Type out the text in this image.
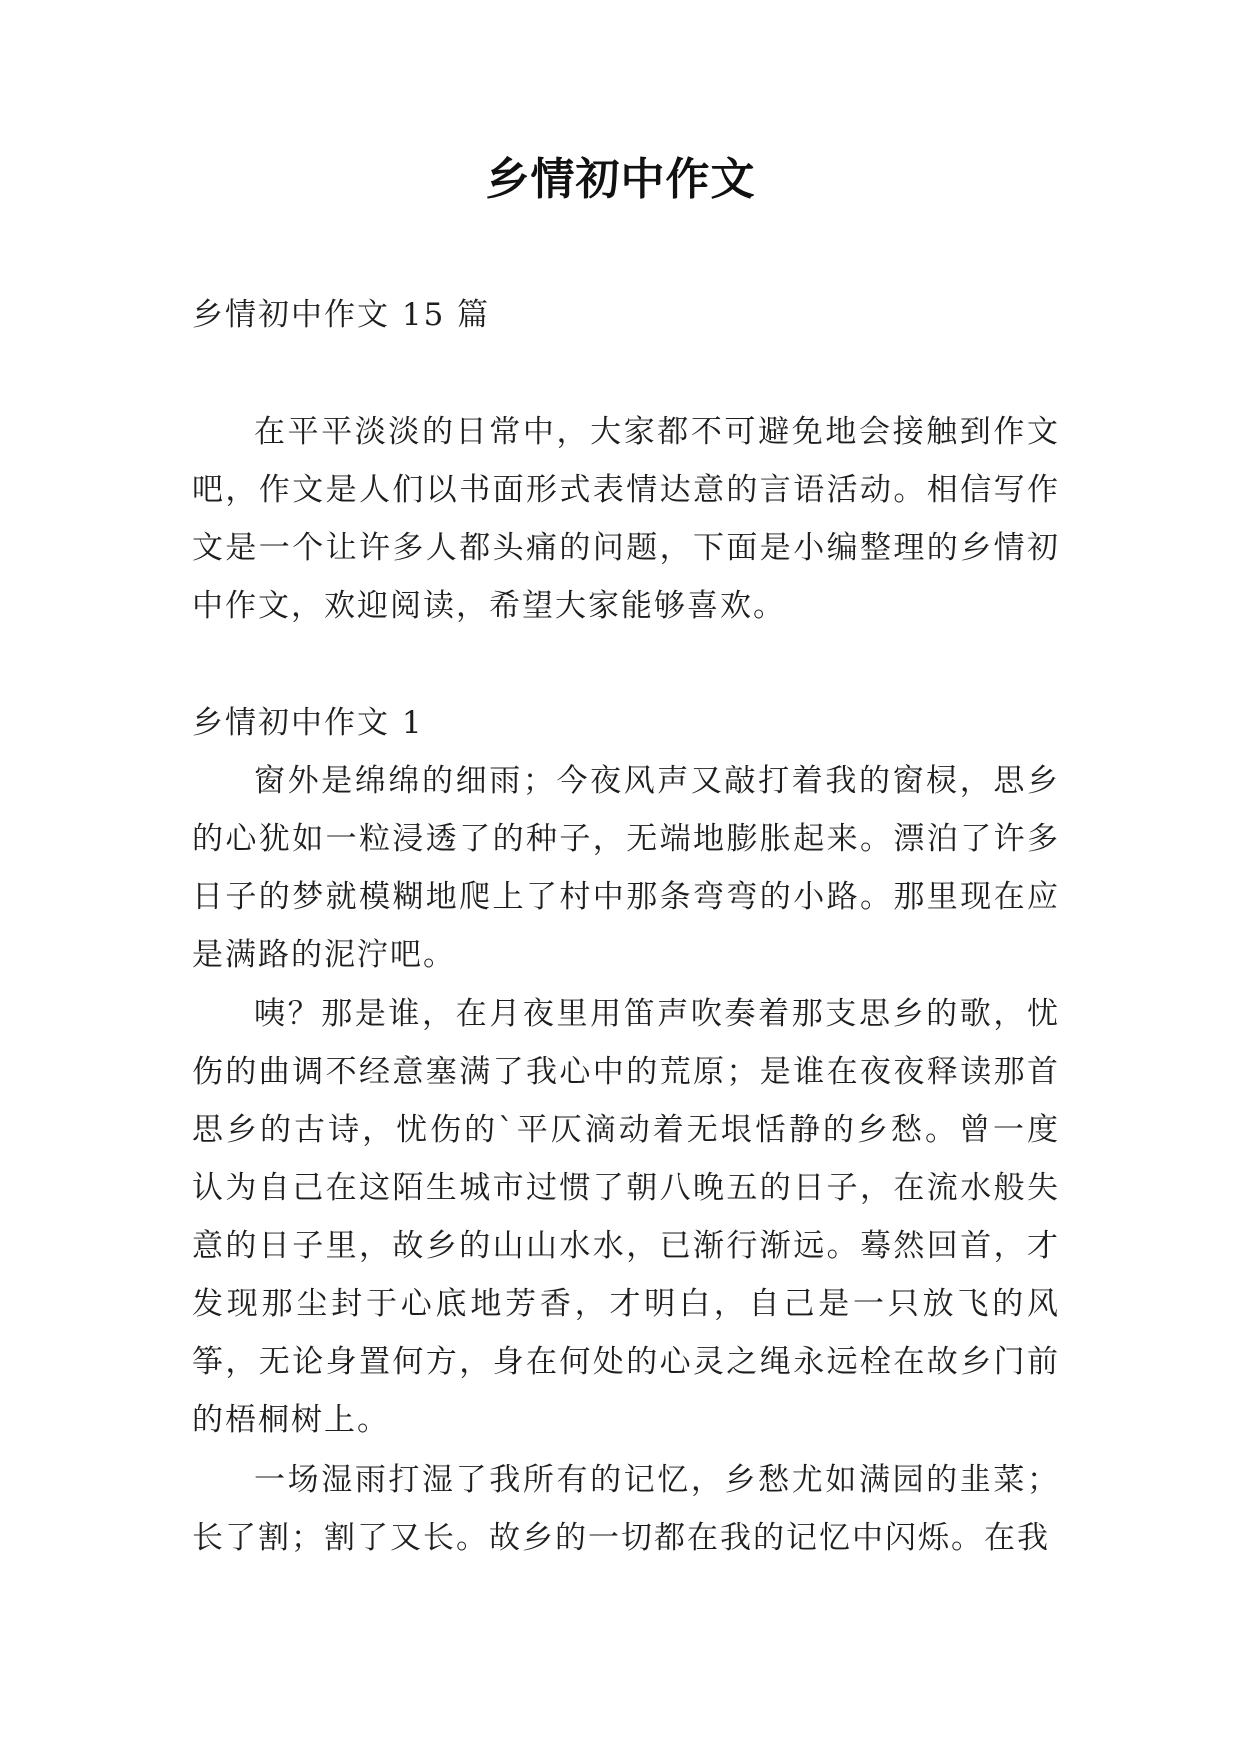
乡情初中作文
乡情初中作文 15 篇
在平平淡淡的日常中，大家都不可避免地会接触到作文吧，作文是人们以书面形式表情达意的言语活动。相信写作文是一个让许多人都头痛的问题，下面是小编整理的乡情初中作文，欢迎阅读，希望大家能够喜欢。
乡情初中作文 1
窗外是绵绵的细雨；今夜风声又敲打着我的窗棂，思乡的心犹如一粒浸透了的种子，无端地膨胀起来。漂泊了许多日子的梦就模糊地爬上了村中那条弯弯的小路。那里现在应是满路的泥泞吧。
咦？那是谁，在月夜里用笛声吹奏着那支思乡的歌，忧伤的曲调不经意塞满了我心中的荒原；是谁在夜夜释读那首思乡的古诗，忧伤的`平仄滴动着无垠恬静的乡愁。曾一度认为自己在这陌生城市过惯了朝八晚五的日子，在流水般失意的日子里，故乡的山山水水，已渐行渐远。蓦然回首，才发现那尘封于心底地芳香，才明白，自己是一只放飞的风筝，无论身置何方，身在何处的心灵之绳永远栓在故乡门前的梧桐树上。
一场湿雨打湿了我所有的记忆，乡愁尤如满园的韭菜；长了割；割了又长。故乡的一切都在我的记忆中闪烁。在我
